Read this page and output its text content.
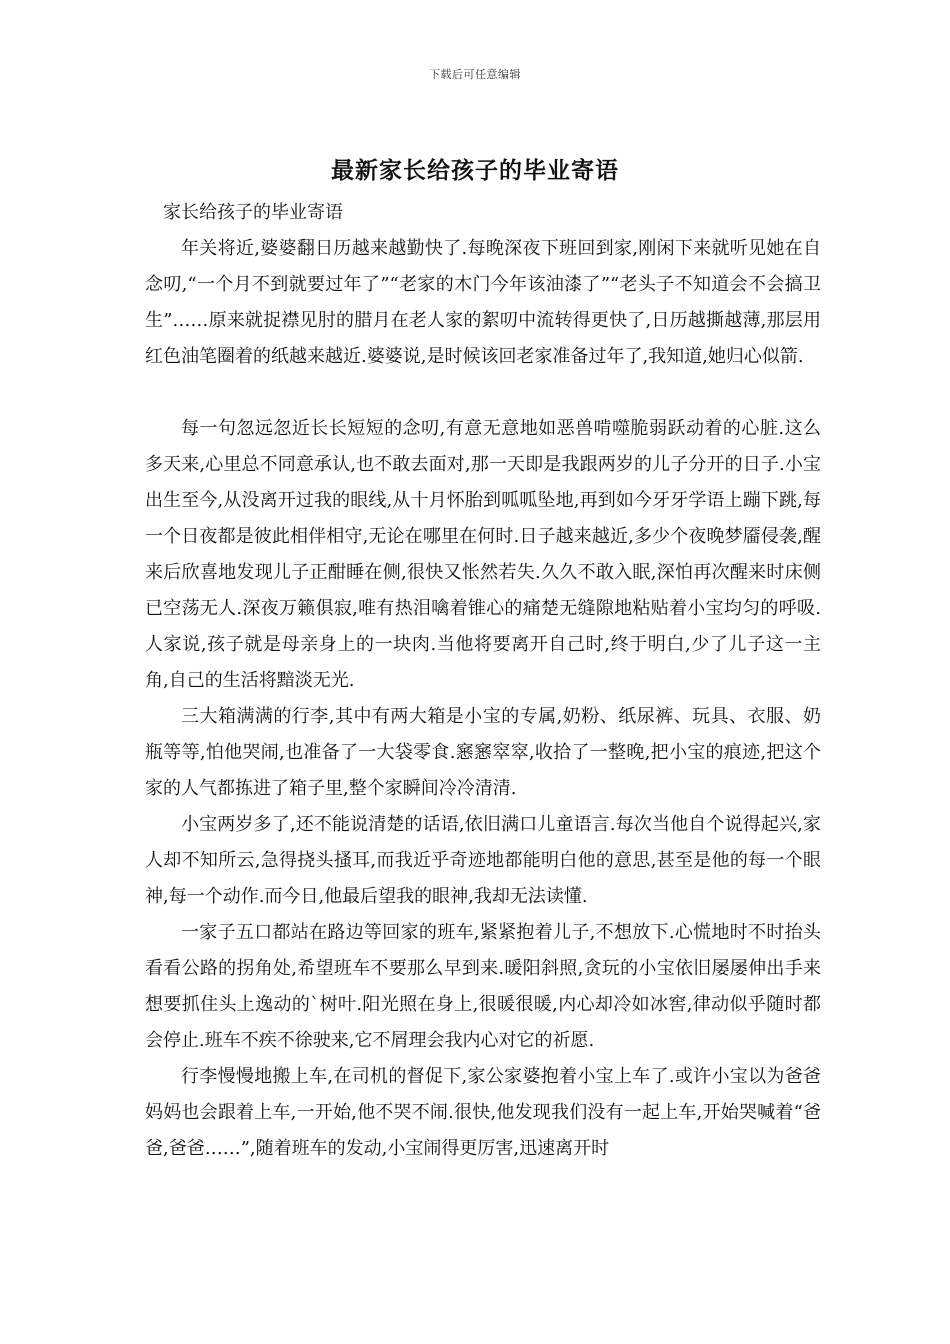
下载后可任意编辑
最新家长给孩子的毕业寄语

家长给孩子的毕业寄语

年关将近,婆婆翻日历越来越勤快了.每晚深夜下班回到家,刚闲下来就听见她在自念叨,“一个月不到就要过年了”“老家的木门今年该油漆了”“老头子不知道会不会搞卫生”……原来就捉襟见肘的腊月在老人家的絮叨中流转得更快了,日历越撕越薄,那层用红色油笔圈着的纸越来越近.婆婆说,是时候该回老家准备过年了,我知道,她归心似箭.

每一句忽远忽近长长短短的念叨,有意无意地如恶兽啃噬脆弱跃动着的心脏.这么多天来,心里总不同意承认,也不敢去面对,那一天即是我跟两岁的儿子分开的日子.小宝出生至今,从没离开过我的眼线,从十月怀胎到呱呱坠地,再到如今牙牙学语上蹦下跳,每一个日夜都是彼此相伴相守,无论在哪里在何时.日子越来越近,多少个夜晚梦靥侵袭,醒来后欣喜地发现儿子正酣睡在侧,很快又怅然若失.久久不敢入眠,深怕再次醒来时床侧已空荡无人.深夜万籁俱寂,唯有热泪噙着锥心的痛楚无缝隙地粘贴着小宝均匀的呼吸.人家说,孩子就是母亲身上的一块肉.当他将要离开自己时,终于明白,少了儿子这一主角,自己的生活将黯淡无光.

三大箱满满的行李,其中有两大箱是小宝的专属,奶粉、纸尿裤、玩具、衣服、奶瓶等等,怕他哭闹,也准备了一大袋零食.窸窸窣窣,收拾了一整晚,把小宝的痕迹,把这个家的人气都拣进了箱子里,整个家瞬间冷冷清清.

小宝两岁多了,还不能说清楚的话语,依旧满口儿童语言.每次当他自个说得起兴,家人却不知所云,急得挠头搔耳,而我近乎奇迹地都能明白他的意思,甚至是他的每一个眼神,每一个动作.而今日,他最后望我的眼神,我却无法读懂.

一家子五口都站在路边等回家的班车,紧紧抱着儿子,不想放下.心慌地时不时抬头看看公路的拐角处,希望班车不要那么早到来.暖阳斜照,贪玩的小宝依旧屡屡伸出手来想要抓住头上逸动的`树叶.阳光照在身上,很暖很暖,内心却冷如冰窖,律动似乎随时都会停止.班车不疾不徐驶来,它不屑理会我内心对它的祈愿.

行李慢慢地搬上车,在司机的督促下,家公家婆抱着小宝上车了.或许小宝以为爸爸妈妈也会跟着上车,一开始,他不哭不闹.很快,他发现我们没有一起上车,开始哭喊着“爸爸,爸爸……”,随着班车的发动,小宝闹得更厉害,迅速离开时
